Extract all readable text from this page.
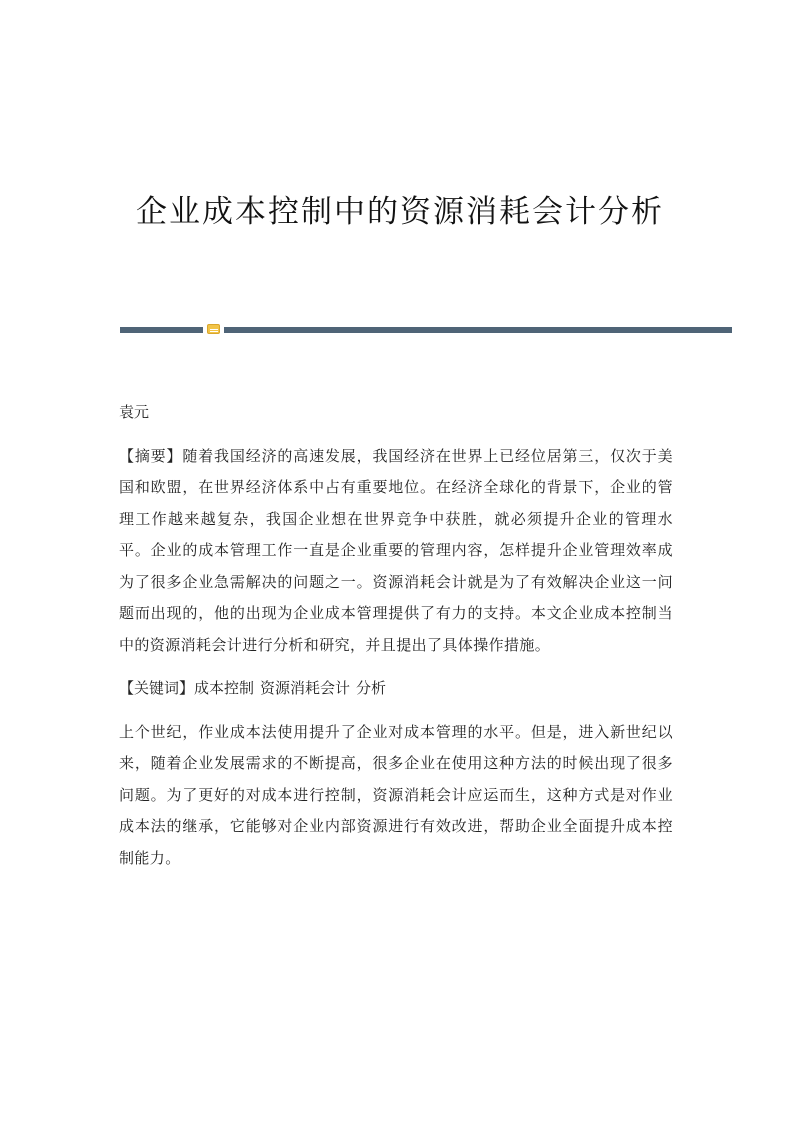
企业成本控制中的资源消耗会计分析

袁元

【摘要】随着我国经济的高速发展，我国经济在世界上已经位居第三，仅次于美国和欧盟，在世界经济体系中占有重要地位。在经济全球化的背景下，企业的管理工作越来越复杂，我国企业想在世界竞争中获胜，就必须提升企业的管理水平。企业的成本管理工作一直是企业重要的管理内容，怎样提升企业管理效率成为了很多企业急需解决的问题之一。资源消耗会计就是为了有效解决企业这一问题而出现的，他的出现为企业成本管理提供了有力的支持。本文企业成本控制当中的资源消耗会计进行分析和研究，并且提出了具体操作措施。

【关键词】成本控制 资源消耗会计 分析

上个世纪，作业成本法使用提升了企业对成本管理的水平。但是，进入新世纪以来，随着企业发展需求的不断提高，很多企业在使用这种方法的时候出现了很多问题。为了更好的对成本进行控制，资源消耗会计应运而生，这种方式是对作业成本法的继承，它能够对企业内部资源进行有效改进，帮助企业全面提升成本控制能力。
